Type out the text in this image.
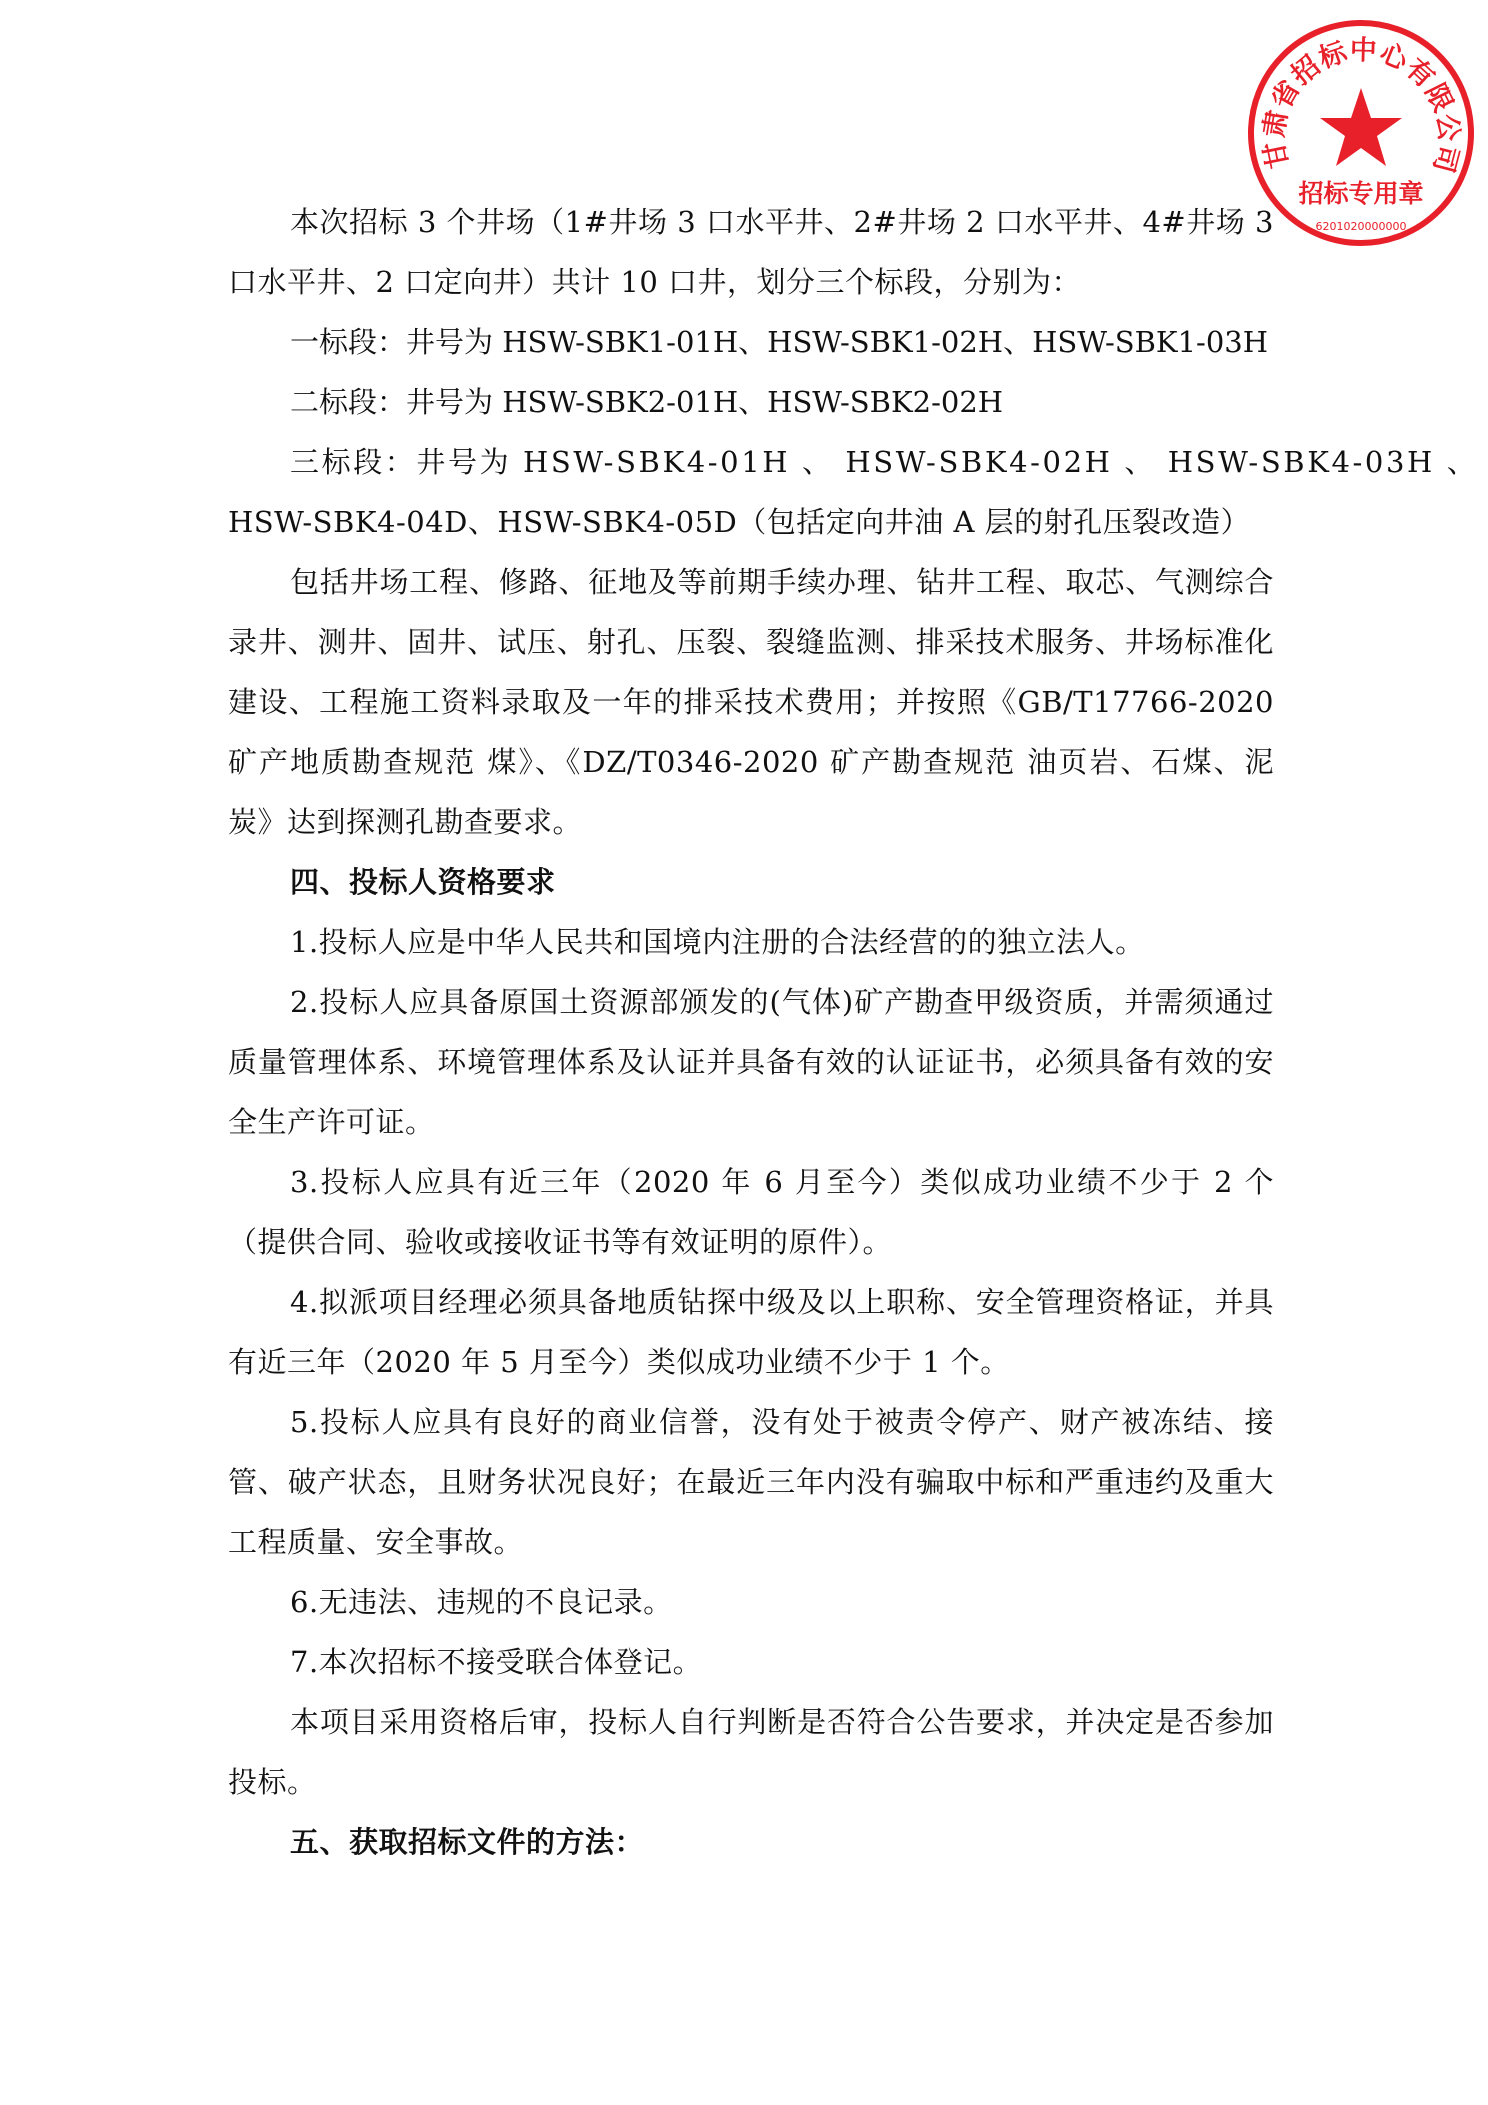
甘肃省招标中心有限公司
招标专用章
6201020000000

本次招标 3 个井场（1#井场 3 口水平井、2#井场 2 口水平井、4#井场 3 口水平井、2 口定向井）共计 10 口井，划分三个标段，分别为：

一标段：井号为 HSW-SBK1-01H、HSW-SBK1-02H、HSW-SBK1-03H

二标段：井号为 HSW-SBK2-01H、HSW-SBK2-02H

三标段：井号为 HSW-SBK4-01H 、 HSW-SBK4-02H 、 HSW-SBK4-03H 、

HSW-SBK4-04D、HSW-SBK4-05D（包括定向井油 A 层的射孔压裂改造）

包括井场工程、修路、征地及等前期手续办理、钻井工程、取芯、气测综合录井、测井、固井、试压、射孔、压裂、裂缝监测、排采技术服务、井场标准化建设、工程施工资料录取及一年的排采技术费用；并按照《GB/T17766-2020 矿产地质勘查规范 煤》、《DZ/T0346-2020 矿产勘查规范 油页岩、石煤、泥炭》达到探测孔勘查要求。

四、投标人资格要求

1.投标人应是中华人民共和国境内注册的合法经营的的独立法人。

2.投标人应具备原国土资源部颁发的(气体)矿产勘查甲级资质，并需须通过质量管理体系、环境管理体系及认证并具备有效的认证证书，必须具备有效的安全生产许可证。

3.投标人应具有近三年（2020 年 6 月至今）类似成功业绩不少于 2 个（提供合同、验收或接收证书等有效证明的原件）。

4.拟派项目经理必须具备地质钻探中级及以上职称、安全管理资格证，并具有近三年（2020 年 5 月至今）类似成功业绩不少于 1 个。

5.投标人应具有良好的商业信誉，没有处于被责令停产、财产被冻结、接管、破产状态，且财务状况良好；在最近三年内没有骗取中标和严重违约及重大工程质量、安全事故。

6.无违法、违规的不良记录。

7.本次招标不接受联合体登记。

本项目采用资格后审，投标人自行判断是否符合公告要求，并决定是否参加投标。

五、获取招标文件的方法：
